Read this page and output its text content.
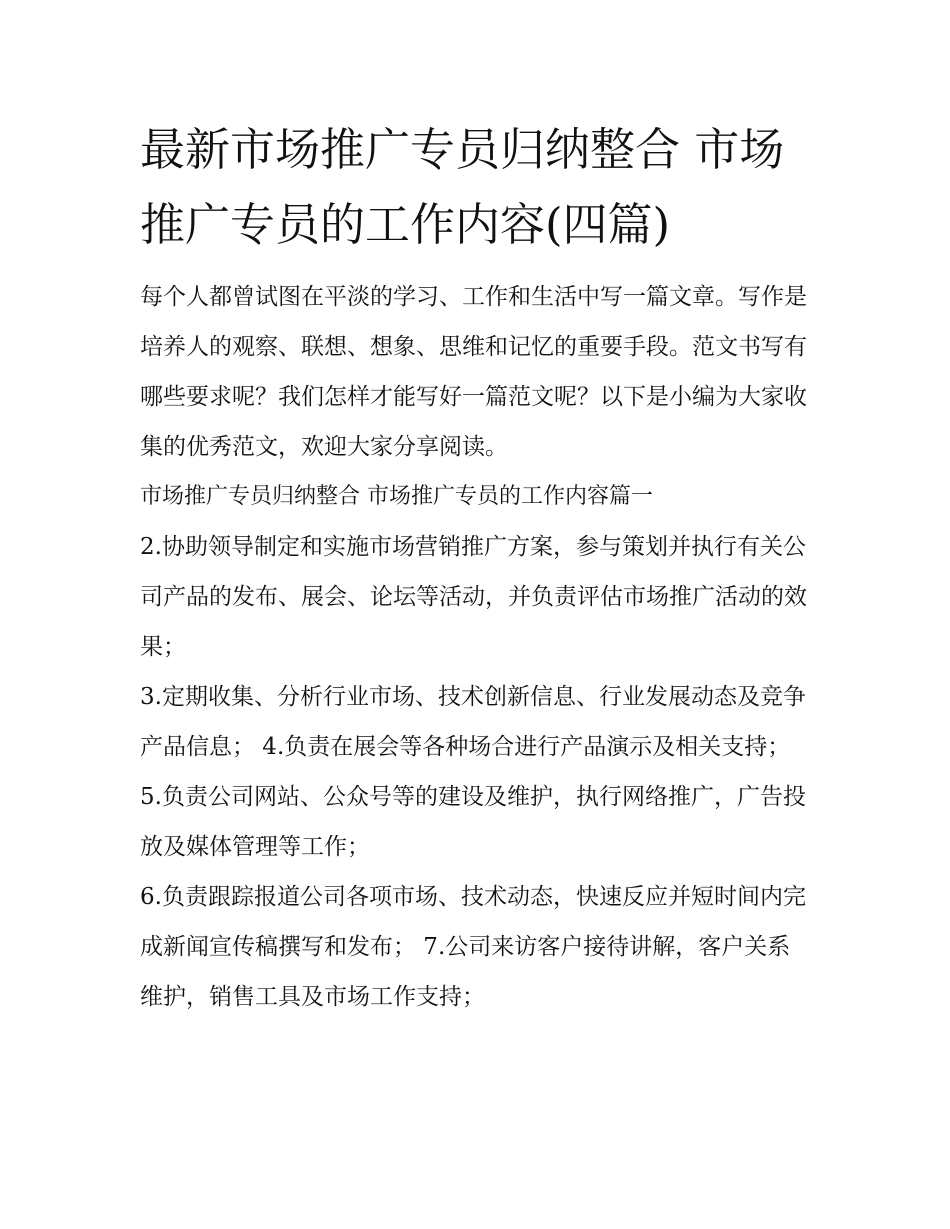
最新市场推广专员归纳整合 市场推广专员的工作内容(四篇)

每个人都曾试图在平淡的学习、工作和生活中写一篇文章。写作是培养人的观察、联想、想象、思维和记忆的重要手段。范文书写有哪些要求呢？我们怎样才能写好一篇范文呢？以下是小编为大家收集的优秀范文，欢迎大家分享阅读。

市场推广专员归纳整合 市场推广专员的工作内容篇一

2.协助领导制定和实施市场营销推广方案，参与策划并执行有关公司产品的发布、展会、论坛等活动，并负责评估市场推广活动的效果；

3.定期收集、分析行业市场、技术创新信息、行业发展动态及竞争产品信息； 4.负责在展会等各种场合进行产品演示及相关支持；

5.负责公司网站、公众号等的建设及维护，执行网络推广，广告投放及媒体管理等工作；

6.负责跟踪报道公司各项市场、技术动态，快速反应并短时间内完成新闻宣传稿撰写和发布； 7.公司来访客户接待讲解，客户关系维护，销售工具及市场工作支持；
